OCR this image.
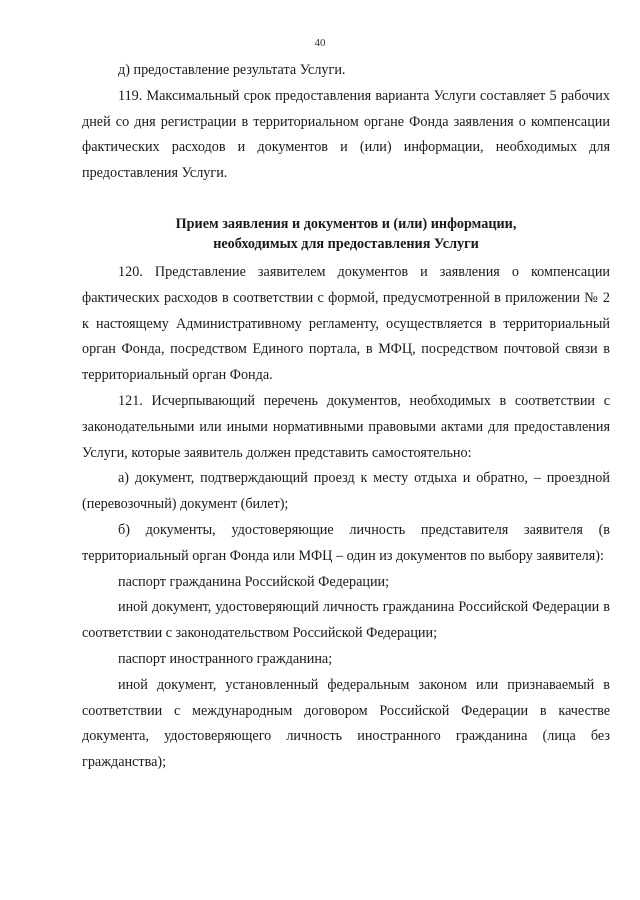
40

д) предоставление результата Услуги.

119. Максимальный срок предоставления варианта Услуги составляет 5 рабочих дней со дня регистрации в территориальном органе Фонда заявления о компенсации фактических расходов и документов и (или) информации, необходимых для предоставления Услуги.

Прием заявления и документов и (или) информации,
необходимых для предоставления Услуги

120. Представление заявителем документов и заявления о компенсации фактических расходов в соответствии с формой, предусмотренной в приложении № 2 к настоящему Административному регламенту, осуществляется в территориальный орган Фонда, посредством Единого портала, в МФЦ, посредством почтовой связи в территориальный орган Фонда.

121. Исчерпывающий перечень документов, необходимых в соответствии с законодательными или иными нормативными правовыми актами для предоставления Услуги, которые заявитель должен представить самостоятельно:

а) документ, подтверждающий проезд к месту отдыха и обратно, – проездной (перевозочный) документ (билет);

б) документы, удостоверяющие личность представителя заявителя (в территориальный орган Фонда или МФЦ – один из документов по выбору заявителя):

паспорт гражданина Российской Федерации;

иной документ, удостоверяющий личность гражданина Российской Федерации в соответствии с законодательством Российской Федерации;

паспорт иностранного гражданина;

иной документ, установленный федеральным законом или признаваемый в соответствии с международным договором Российской Федерации в качестве документа, удостоверяющего личность иностранного гражданина (лица без гражданства);
